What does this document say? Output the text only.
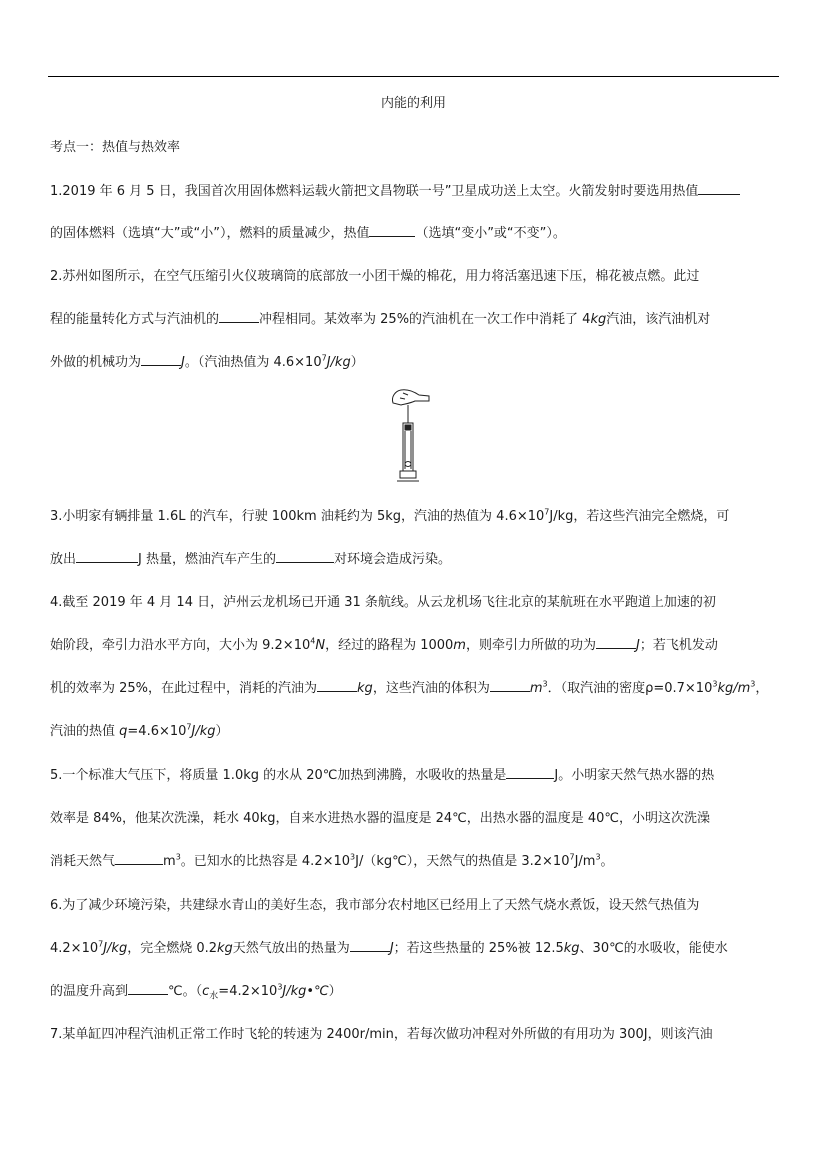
内能的利用
考点一：热值与热效率
1.2019 年 6 月 5 日，我国首次用固体燃料运载火箭把文昌物联一号”卫星成功送上太空。火箭发射时要选用热值
的固体燃料（选填“大”或“小”），燃料的质量减少，热值	（选填“变小”或“不变”）。
2.苏州如图所示，在空气压缩引火仪玻璃筒的底部放一小团干燥的棉花，用力将活塞迅速下压，棉花被点燃。此过
程的能量转化方式与汽油机的	冲程相同。某效率为 25%的汽油机在一次工作中消耗了 4kg汽油，该汽油机对
外做的机械功为	J。（汽油热值为 $4.6\times 10^7J/kg$）
3.小明家有辆排量 1.6L 的汽车，行驶 100km 油耗约为 5kg，汽油的热值为 $4.6\times 10^7J/kg$，若这些汽油完全燃烧，可
放出	J 热量，燃油汽车产生的	对环境会造成污染。
4.截至 2019 年 4 月 14 日，泸州云龙机场已开通 31 条航线。从云龙机场飞往北京的某航班在水平跑道上加速的初
始阶段，牵引力沿水平方向，大小为 $9.2\times 10^4N$，经过的路程为 1000m，则牵引力所做的功为	J；若飞机发动
机的效率为 25%，在此过程中，消耗的汽油为	kg，这些汽油的体积为	$m^3$．（取汽油的密度$\rho=0.7\times 10^3kg/m^3$，
汽油的热值 $q=4.6\times 10^7J/kg$）
5.一个标准大气压下，将质量 1.0kg 的水从 20℃加热到沸腾，水吸收的热量是	J。小明家天然气热水器的热
效率是 84%，他某次洗澡，耗水 40kg，自来水进热水器的温度是 24℃，出热水器的温度是 40℃，小明这次洗澡
消耗天然气	$m^3$。已知水的比热容是 $4.2\times 10^3J/(kg℃)$，天然气的热值是 $3.2\times 10^7J/m^3$。
6.为了减少环境污染，共建绿水青山的美好生态，我市部分农村地区已经用上了天然气烧水煮饭，设天然气热值为
$4.2\times 10^7J/kg$，完全燃烧 0.2kg天然气放出的热量为	J；若这些热量的 25%被 12.5kg、30℃的水吸收，能使水
的温度升高到	℃。$(c_水=4.2\times 10^3J/kg•℃)$
7.某单缸四冲程汽油机正常工作时飞轮的转速为 2400r/min，若每次做功冲程对外所做的有用功为 300J，则该汽油
